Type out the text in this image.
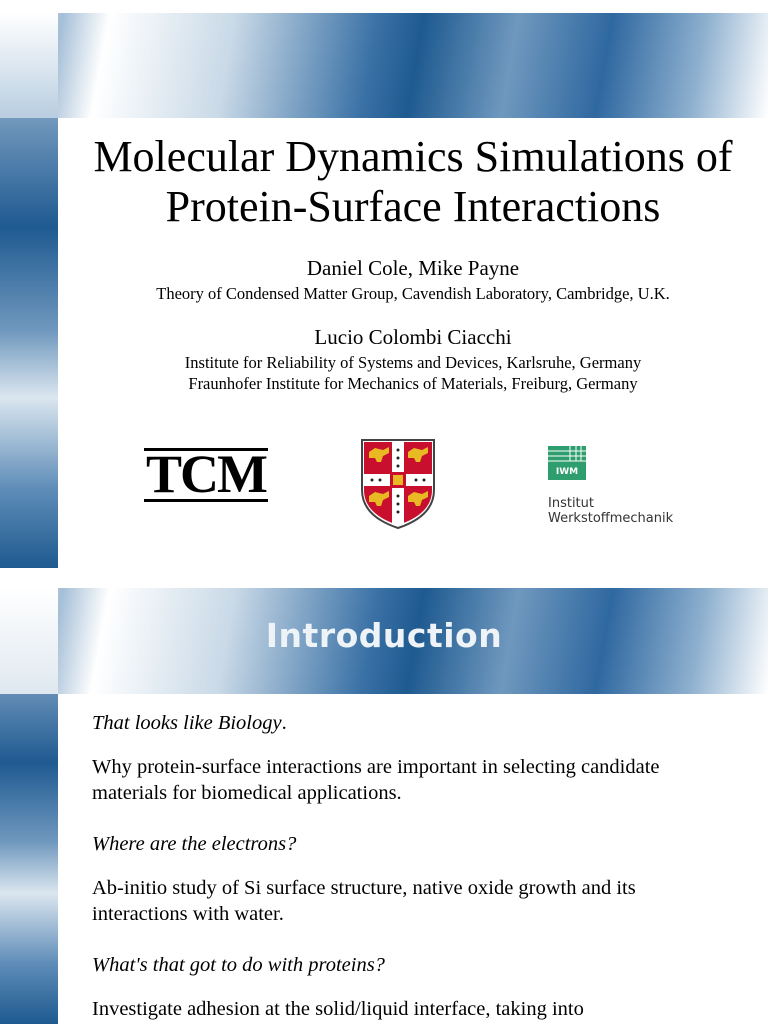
Molecular Dynamics Simulations of
Protein-Surface Interactions
Daniel Cole, Mike Payne
Theory of Condensed Matter Group, Cavendish Laboratory, Cambridge, U.K.
Lucio Colombi Ciacchi
Institute for Reliability of Systems and Devices, Karlsruhe, Germany
Fraunhofer Institute for Mechanics of Materials, Freiburg, Germany
TCM	IWM
Institut
Werkstoffmechanik
Introduction

That looks like Biology.

Why protein-surface interactions are important in selecting candidate materials for biomedical applications.

Where are the electrons?

Ab-initio study of Si surface structure, native oxide growth and its interactions with water.

What's that got to do with proteins?

Investigate adhesion at the solid/liquid interface, taking into
